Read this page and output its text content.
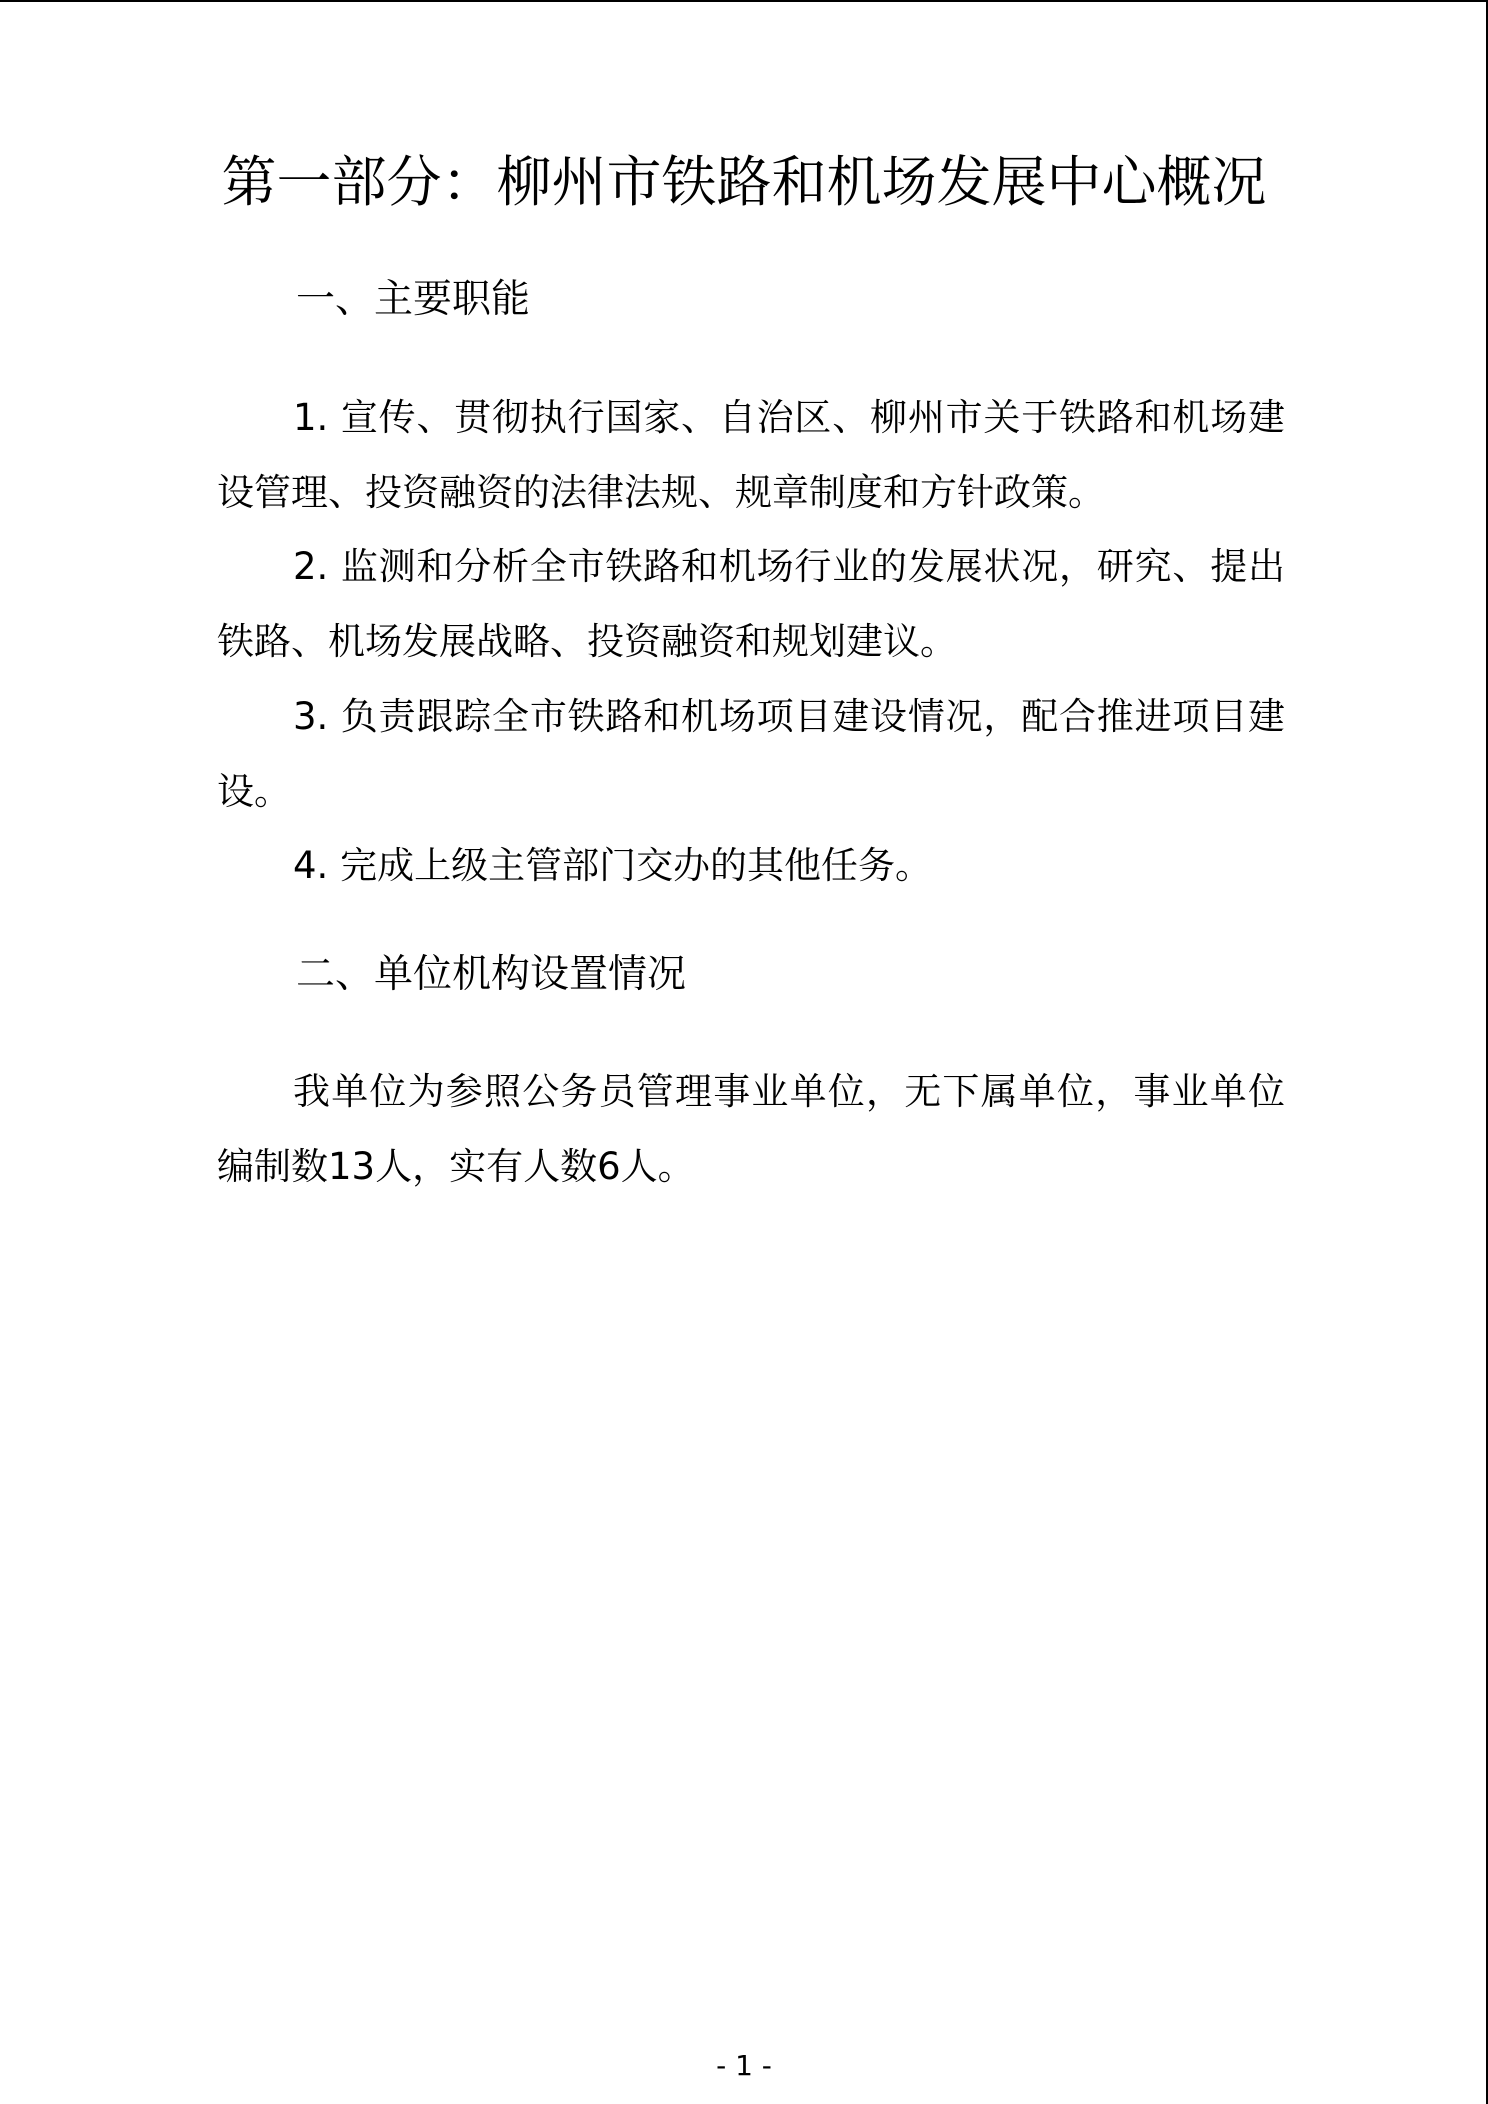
第一部分：柳州市铁路和机场发展中心概况
一、主要职能

1. 宣传、贯彻执行国家、自治区、柳州市关于铁路和机场建设管理、投资融资的法律法规、规章制度和方针政策。

2. 监测和分析全市铁路和机场行业的发展状况，研究、提出铁路、机场发展战略、投资融资和规划建议。

3. 负责跟踪全市铁路和机场项目建设情况，配合推进项目建设。

4. 完成上级主管部门交办的其他任务。

二、单位机构设置情况

我单位为参照公务员管理事业单位，无下属单位，事业单位编制数13人，实有人数6人。

- 1 -
